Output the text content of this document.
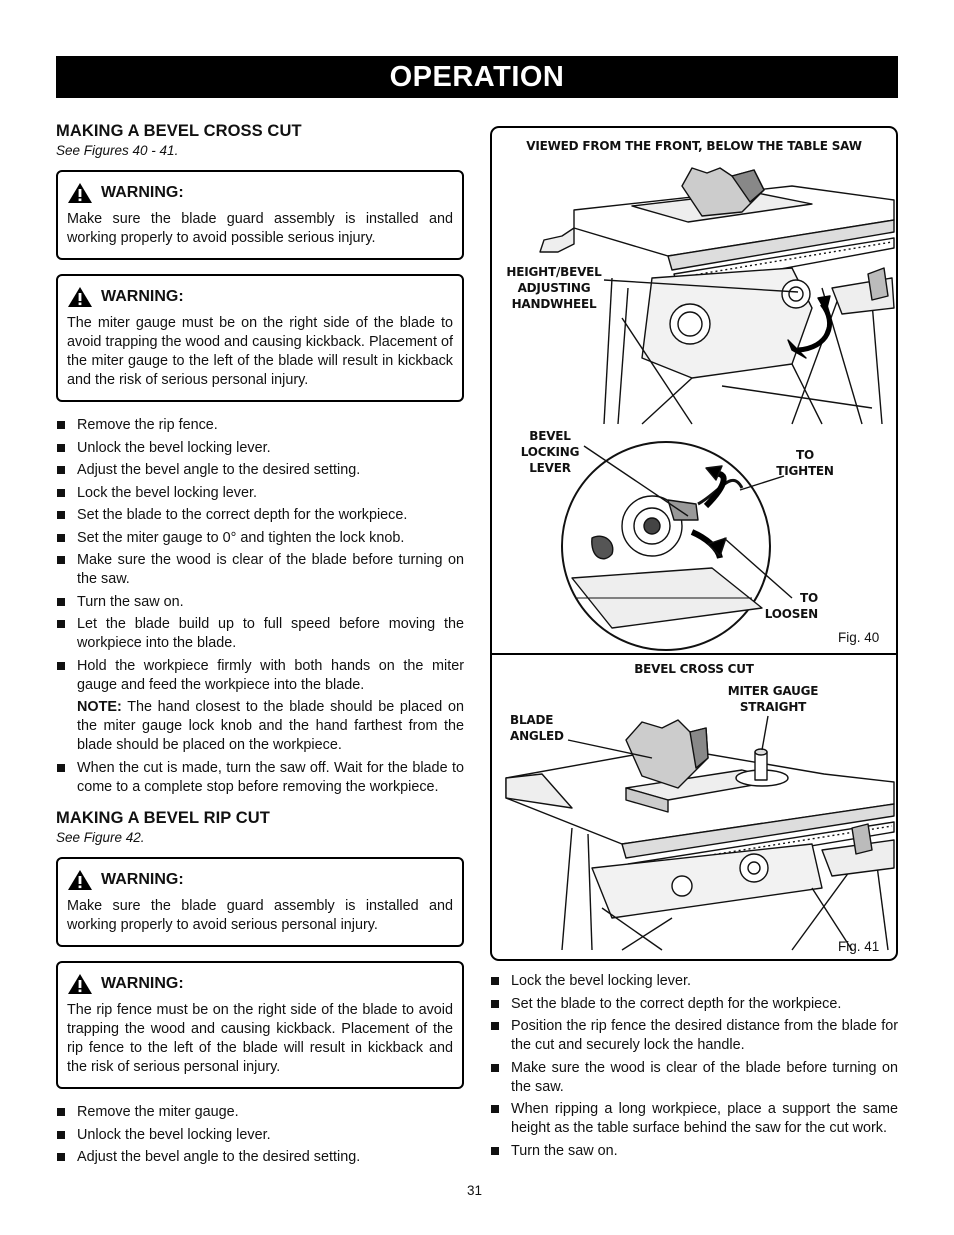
OPERATION
MAKING A BEVEL CROSS CUT
See Figures 40 - 41.
WARNING:

Make sure the blade guard assembly is installed and working properly to avoid possible serious injury.

WARNING:

The miter gauge must be on the right side of the blade to avoid trapping the wood and causing kickback. Placement of the miter gauge to the left of the blade will result in kickback and the risk of serious personal injury.

Remove the rip fence.
Unlock the bevel locking lever.
Adjust the bevel angle to the desired setting.
Lock the bevel locking lever.
Set the blade to the correct depth for the workpiece.
Set the miter gauge to 0° and tighten the lock knob.
Make sure the wood is clear of the blade before turning on the saw.
Turn the saw on.
Let the blade build up to full speed before moving the workpiece into the blade.
Hold the workpiece firmly with both hands on the miter gauge and feed the workpiece into the blade.
NOTE: The hand closest to the blade should be placed on the miter gauge lock knob and the hand farthest from the blade should be placed on the workpiece.
When the cut is made, turn the saw off. Wait for the blade to come to a complete stop before removing the workpiece.
MAKING A BEVEL RIP CUT
See Figure 42.
WARNING:

Make sure the blade guard assembly is installed and working properly to avoid serious personal injury.

WARNING:

The rip fence must be on the right side of the blade to avoid trapping the wood and causing kickback. Placement of the rip fence to the left of the blade will result in kickback and the risk of serious personal injury.

Remove the miter gauge.
Unlock the bevel locking lever.
Adjust the bevel angle to the desired setting.
VIEWED FROM THE FRONT, BELOW THE TABLE SAW
HEIGHT/BEVEL
ADJUSTING
HANDWHEEL
BEVEL
LOCKING
LEVER
TO
TIGHTEN
TO
LOOSEN
Fig. 40
BEVEL CROSS CUT
MITER GAUGE
STRAIGHT
BLADE
ANGLED
Fig. 41
Lock the bevel locking lever.
Set the blade to the correct depth for the workpiece.
Position the rip fence the desired distance from the blade for the cut and securely lock the handle.
Make sure the wood is clear of the blade before turning on the saw.
When ripping a long workpiece, place a support the same height as the table surface behind the saw for the cut work.
Turn the saw on.
31
